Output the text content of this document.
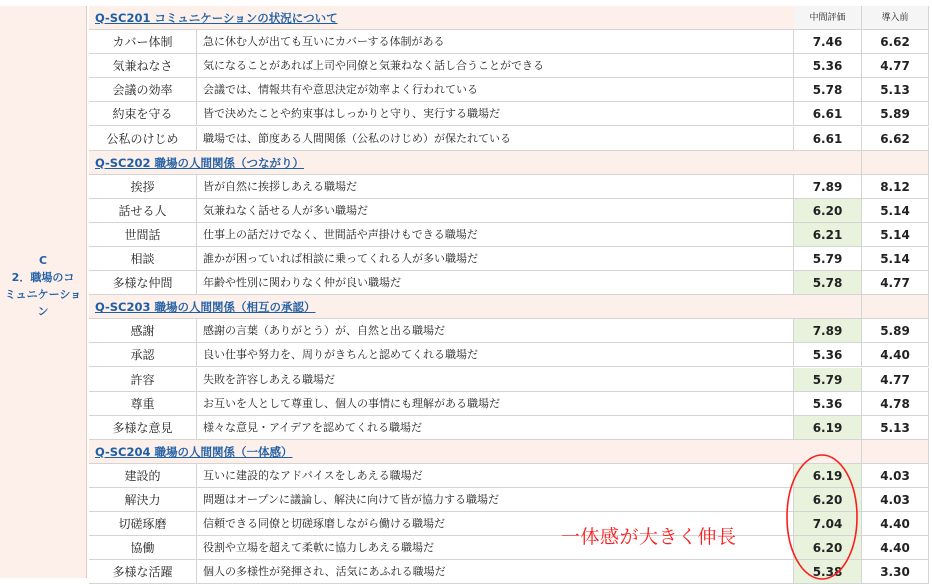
C
2．職場のコ
ミュニケーショ
ン
Q-SC201 コミュニケーションの状況について	中間評価	導入前
カバー体制	急に休む人が出ても互いにカバーする体制がある	7.46	6.62
気兼ねなさ	気になることがあれば上司や同僚と気兼ねなく話し合うことができる	5.36	4.77
会議の効率	会議では、情報共有や意思決定が効率よく行われている	5.78	5.13
約束を守る	皆で決めたことや約束事はしっかりと守り、実行する職場だ	6.61	5.89
公私のけじめ	職場では、節度ある人間関係（公私のけじめ）が保たれている	6.61	6.62
Q-SC202 職場の人間関係（つながり）
挨拶	皆が自然に挨拶しあえる職場だ	7.89	8.12
話せる人	気兼ねなく話せる人が多い職場だ	6.20	5.14
世間話	仕事上の話だけでなく、世間話や声掛けもできる職場だ	6.21	5.14
相談	誰かが困っていれば相談に乗ってくれる人が多い職場だ	5.79	5.14
多様な仲間	年齢や性別に関わりなく仲が良い職場だ	5.78	4.77
Q-SC203 職場の人間関係（相互の承認）
感謝	感謝の言葉（ありがとう）が、自然と出る職場だ	7.89	5.89
承認	良い仕事や努力を、周りがきちんと認めてくれる職場だ	5.36	4.40
許容	失敗を許容しあえる職場だ	5.79	4.77
尊重	お互いを人として尊重し、個人の事情にも理解がある職場だ	5.36	4.78
多様な意見	様々な意見・アイデアを認めてくれる職場だ	6.19	5.13
Q-SC204 職場の人間関係（一体感）
建設的	互いに建設的なアドバイスをしあえる職場だ	6.19	4.03
解決力	問題はオープンに議論し、解決に向けて皆が協力する職場だ	6.20	4.03
切磋琢磨	信頼できる同僚と切磋琢磨しながら働ける職場だ	7.04	4.40
協働	役割や立場を超えて柔軟に協力しあえる職場だ	6.20	4.40
多様な活躍	個人の多様性が発揮され、活気にあふれる職場だ	5.38	3.30
一体感が大きく伸長
